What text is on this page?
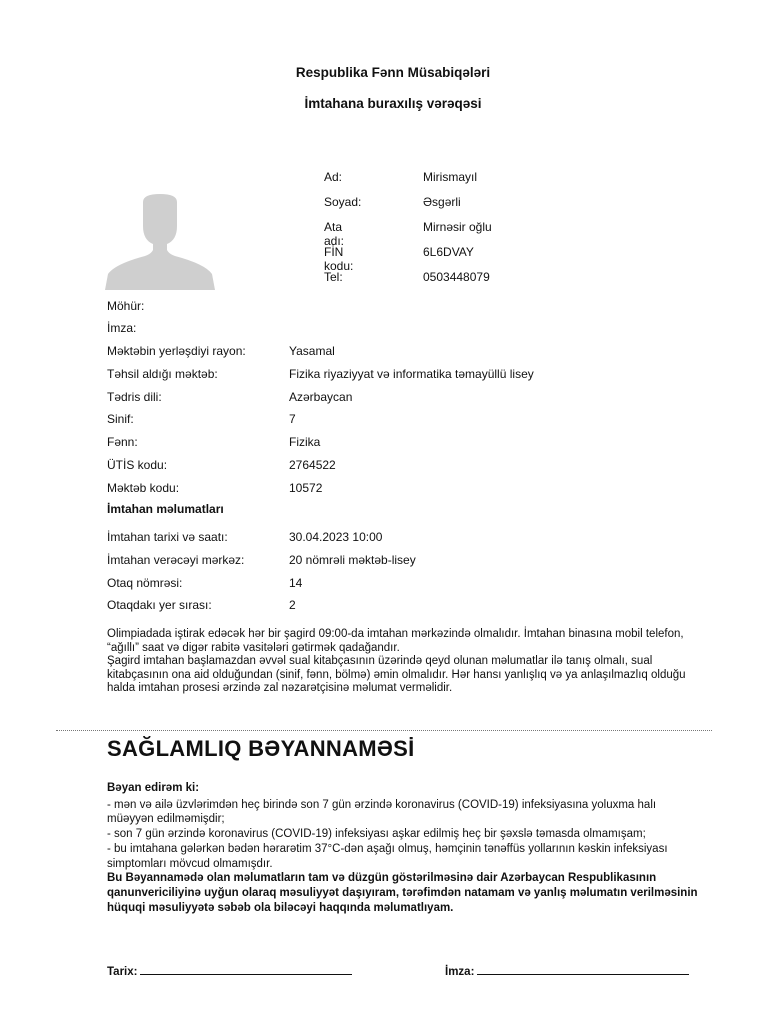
Respublika Fənn Müsabiqələri
İmtahana buraxılış vərəqəsi
Ad:	Mirismayıl
Soyad:	Əsgərli
Ata adı:
Mirnəsir oğlu
FİN kodu:
6L6DVAY
Tel:	0503448079
Möhür:
İmza:
Məktəbin yerləşdiyi rayon:	Yasamal
Təhsil aldığı məktəb:	Fizika riyaziyyat və informatika təmayüllü lisey
Tədris dili:	Azərbaycan
Sinif:	7
Fənn:	Fizika
ÜTİS kodu:	2764522
Məktəb kodu:	10572
İmtahan məlumatları
İmtahan tarixi və saatı:	30.04.2023 10:00
İmtahan verəcəyi mərkəz:	20 nömrəli məktəb-lisey
Otaq nömrəsi:	14
Otaqdakı yer sırası:	2

Olimpiadada iştirak edəcək hər bir şagird 09:00-da imtahan mərkəzində olmalıdır. İmtahan binasına mobil telefon, “ağıllı” saat və digər rabitə vasitələri gətirmək qadağandır.

Şagird imtahan başlamazdan əvvəl sual kitabçasının üzərində qeyd olunan məlumatlar ilə tanış olmalı, sual kitabçasının ona aid olduğundan (sinif, fənn, bölmə) əmin olmalıdır. Hər hansı yanlışlıq və ya anlaşılmazlıq olduğu halda imtahan prosesi ərzində zal nəzarətçisinə məlumat verməlidir.

SAĞLAMLIQ BƏYANNAMƏSİ

Bəyan edirəm ki:

- mən və ailə üzvlərimdən heç birində son 7 gün ərzində koronavirus (COVID-19) infeksiyasına yoluxma halı müəyyən edilməmişdir;

- son 7 gün ərzində koronavirus (COVID-19) infeksiyası aşkar edilmiş heç bir şəxslə təmasda olmamışam;

- bu imtahana gələrkən bədən hərarətim 37°C-dən aşağı olmuş, həmçinin tənəffüs yollarının kəskin infeksiyası simptomları mövcud olmamışdır.

Bu Bəyannamədə olan məlumatların tam və düzgün göstərilməsinə dair Azərbaycan Respublikasının qanunvericiliyinə uyğun olaraq məsuliyyət daşıyıram, tərəfimdən natamam və yanlış məlumatın verilməsinin hüquqi məsuliyyətə səbəb ola biləcəyi haqqında məlumatlıyam.

Tarix:	İmza:
